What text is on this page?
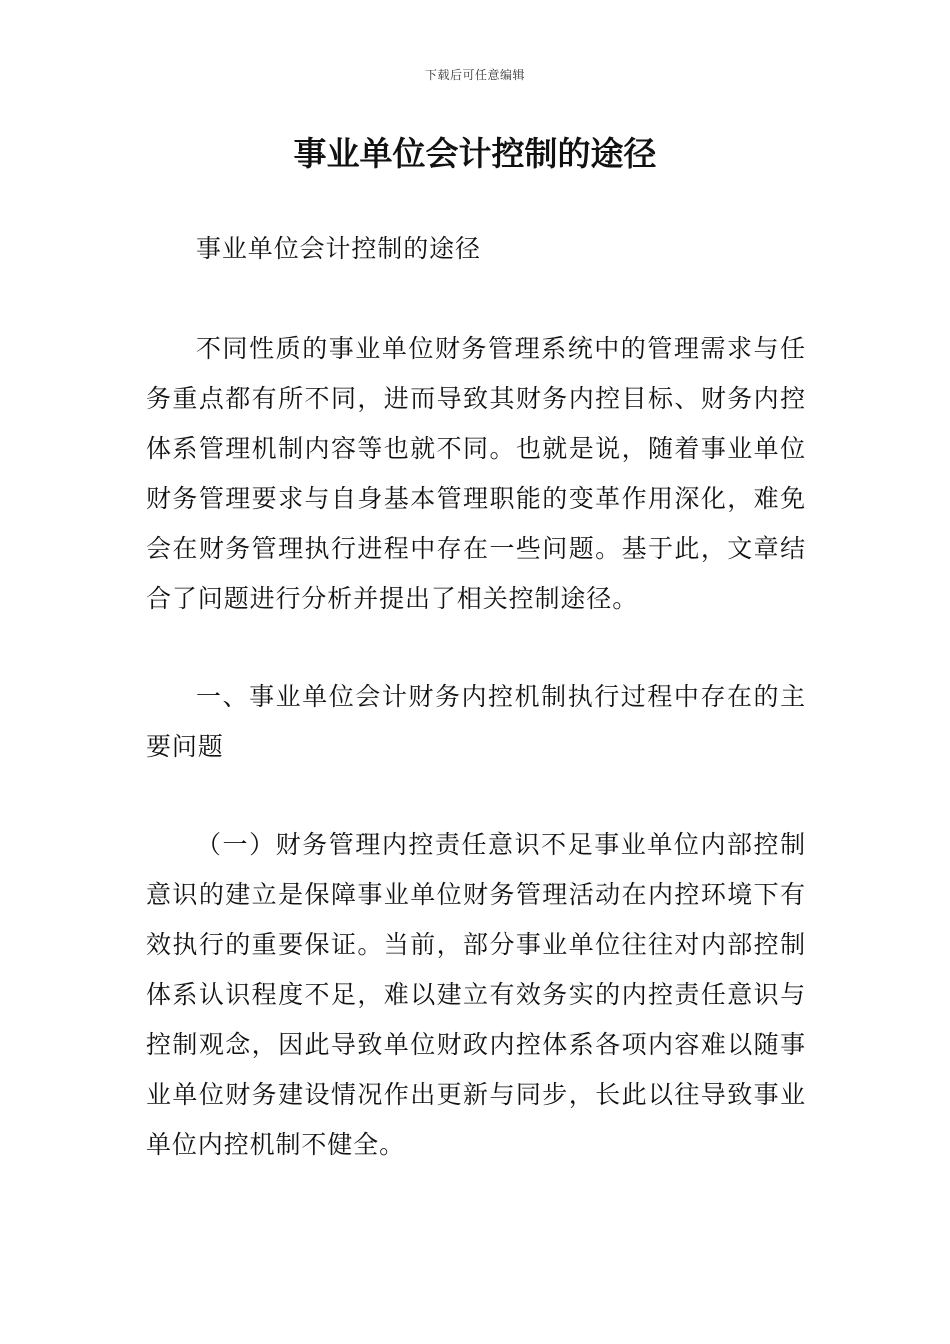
下载后可任意编辑
事业单位会计控制的途径

事业单位会计控制的途径

不同性质的事业单位财务管理系统中的管理需求与任务重点都有所不同，进而导致其财务内控目标、财务内控体系管理机制内容等也就不同。也就是说，随着事业单位财务管理要求与自身基本管理职能的变革作用深化，难免会在财务管理执行进程中存在一些问题。基于此，文章结合了问题进行分析并提出了相关控制途径。

一、事业单位会计财务内控机制执行过程中存在的主要问题

（一）财务管理内控责任意识不足事业单位内部控制意识的建立是保障事业单位财务管理活动在内控环境下有效执行的重要保证。当前，部分事业单位往往对内部控制体系认识程度不足，难以建立有效务实的内控责任意识与控制观念，因此导致单位财政内控体系各项内容难以随事业单位财务建设情况作出更新与同步，长此以往导致事业单位内控机制不健全。
